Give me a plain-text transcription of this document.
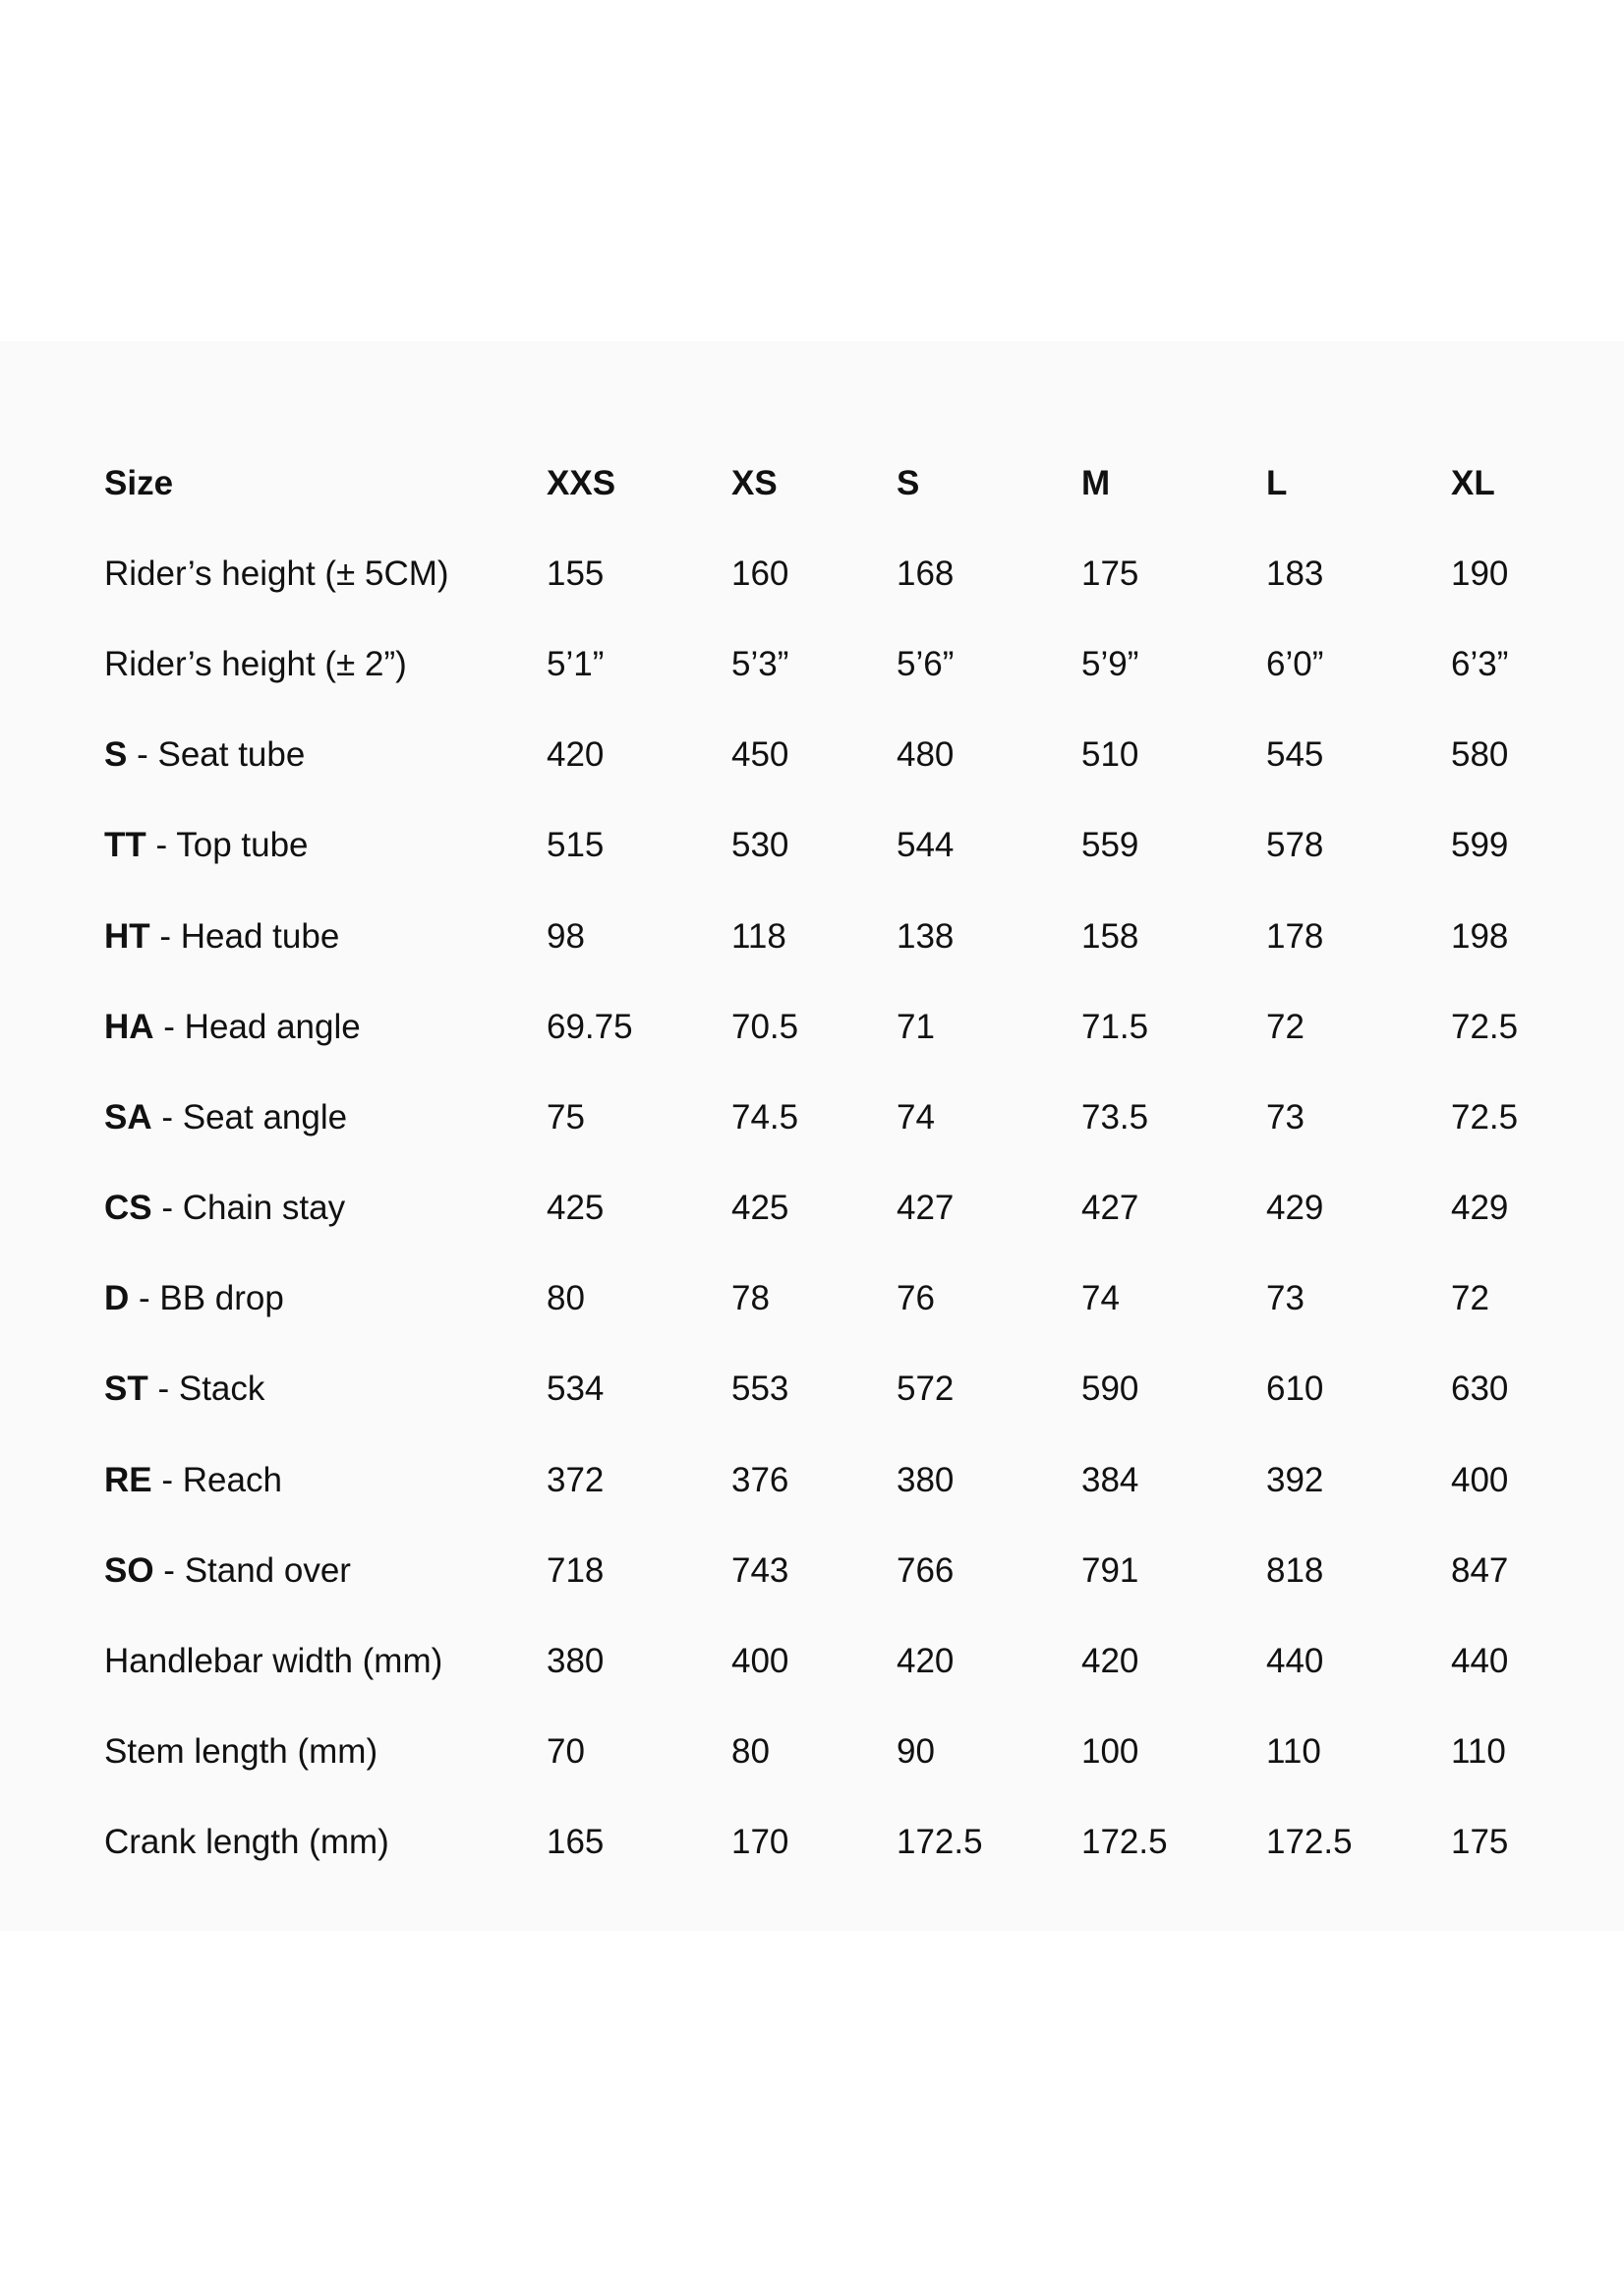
Size	XXS	XS	S	M	L	XL
Rider’s height (± 5CM)	155	160	168	175	183	190
Rider’s height (± 2”)	5’1”	5’3”	5’6”	5’9”	6’0”	6’3”
S - Seat tube	420	450	480	510	545	580
TT - Top tube	515	530	544	559	578	599
HT - Head tube	98	118	138	158	178	198
HA - Head angle	69.75	70.5	71	71.5	72	72.5
SA - Seat angle	75	74.5	74	73.5	73	72.5
CS - Chain stay	425	425	427	427	429	429
D - BB drop	80	78	76	74	73	72
ST - Stack	534	553	572	590	610	630
RE - Reach	372	376	380	384	392	400
SO - Stand over	718	743	766	791	818	847
Handlebar width (mm)	380	400	420	420	440	440
Stem length (mm)	70	80	90	100	110	110
Crank length (mm)	165	170	172.5	172.5	172.5	175
